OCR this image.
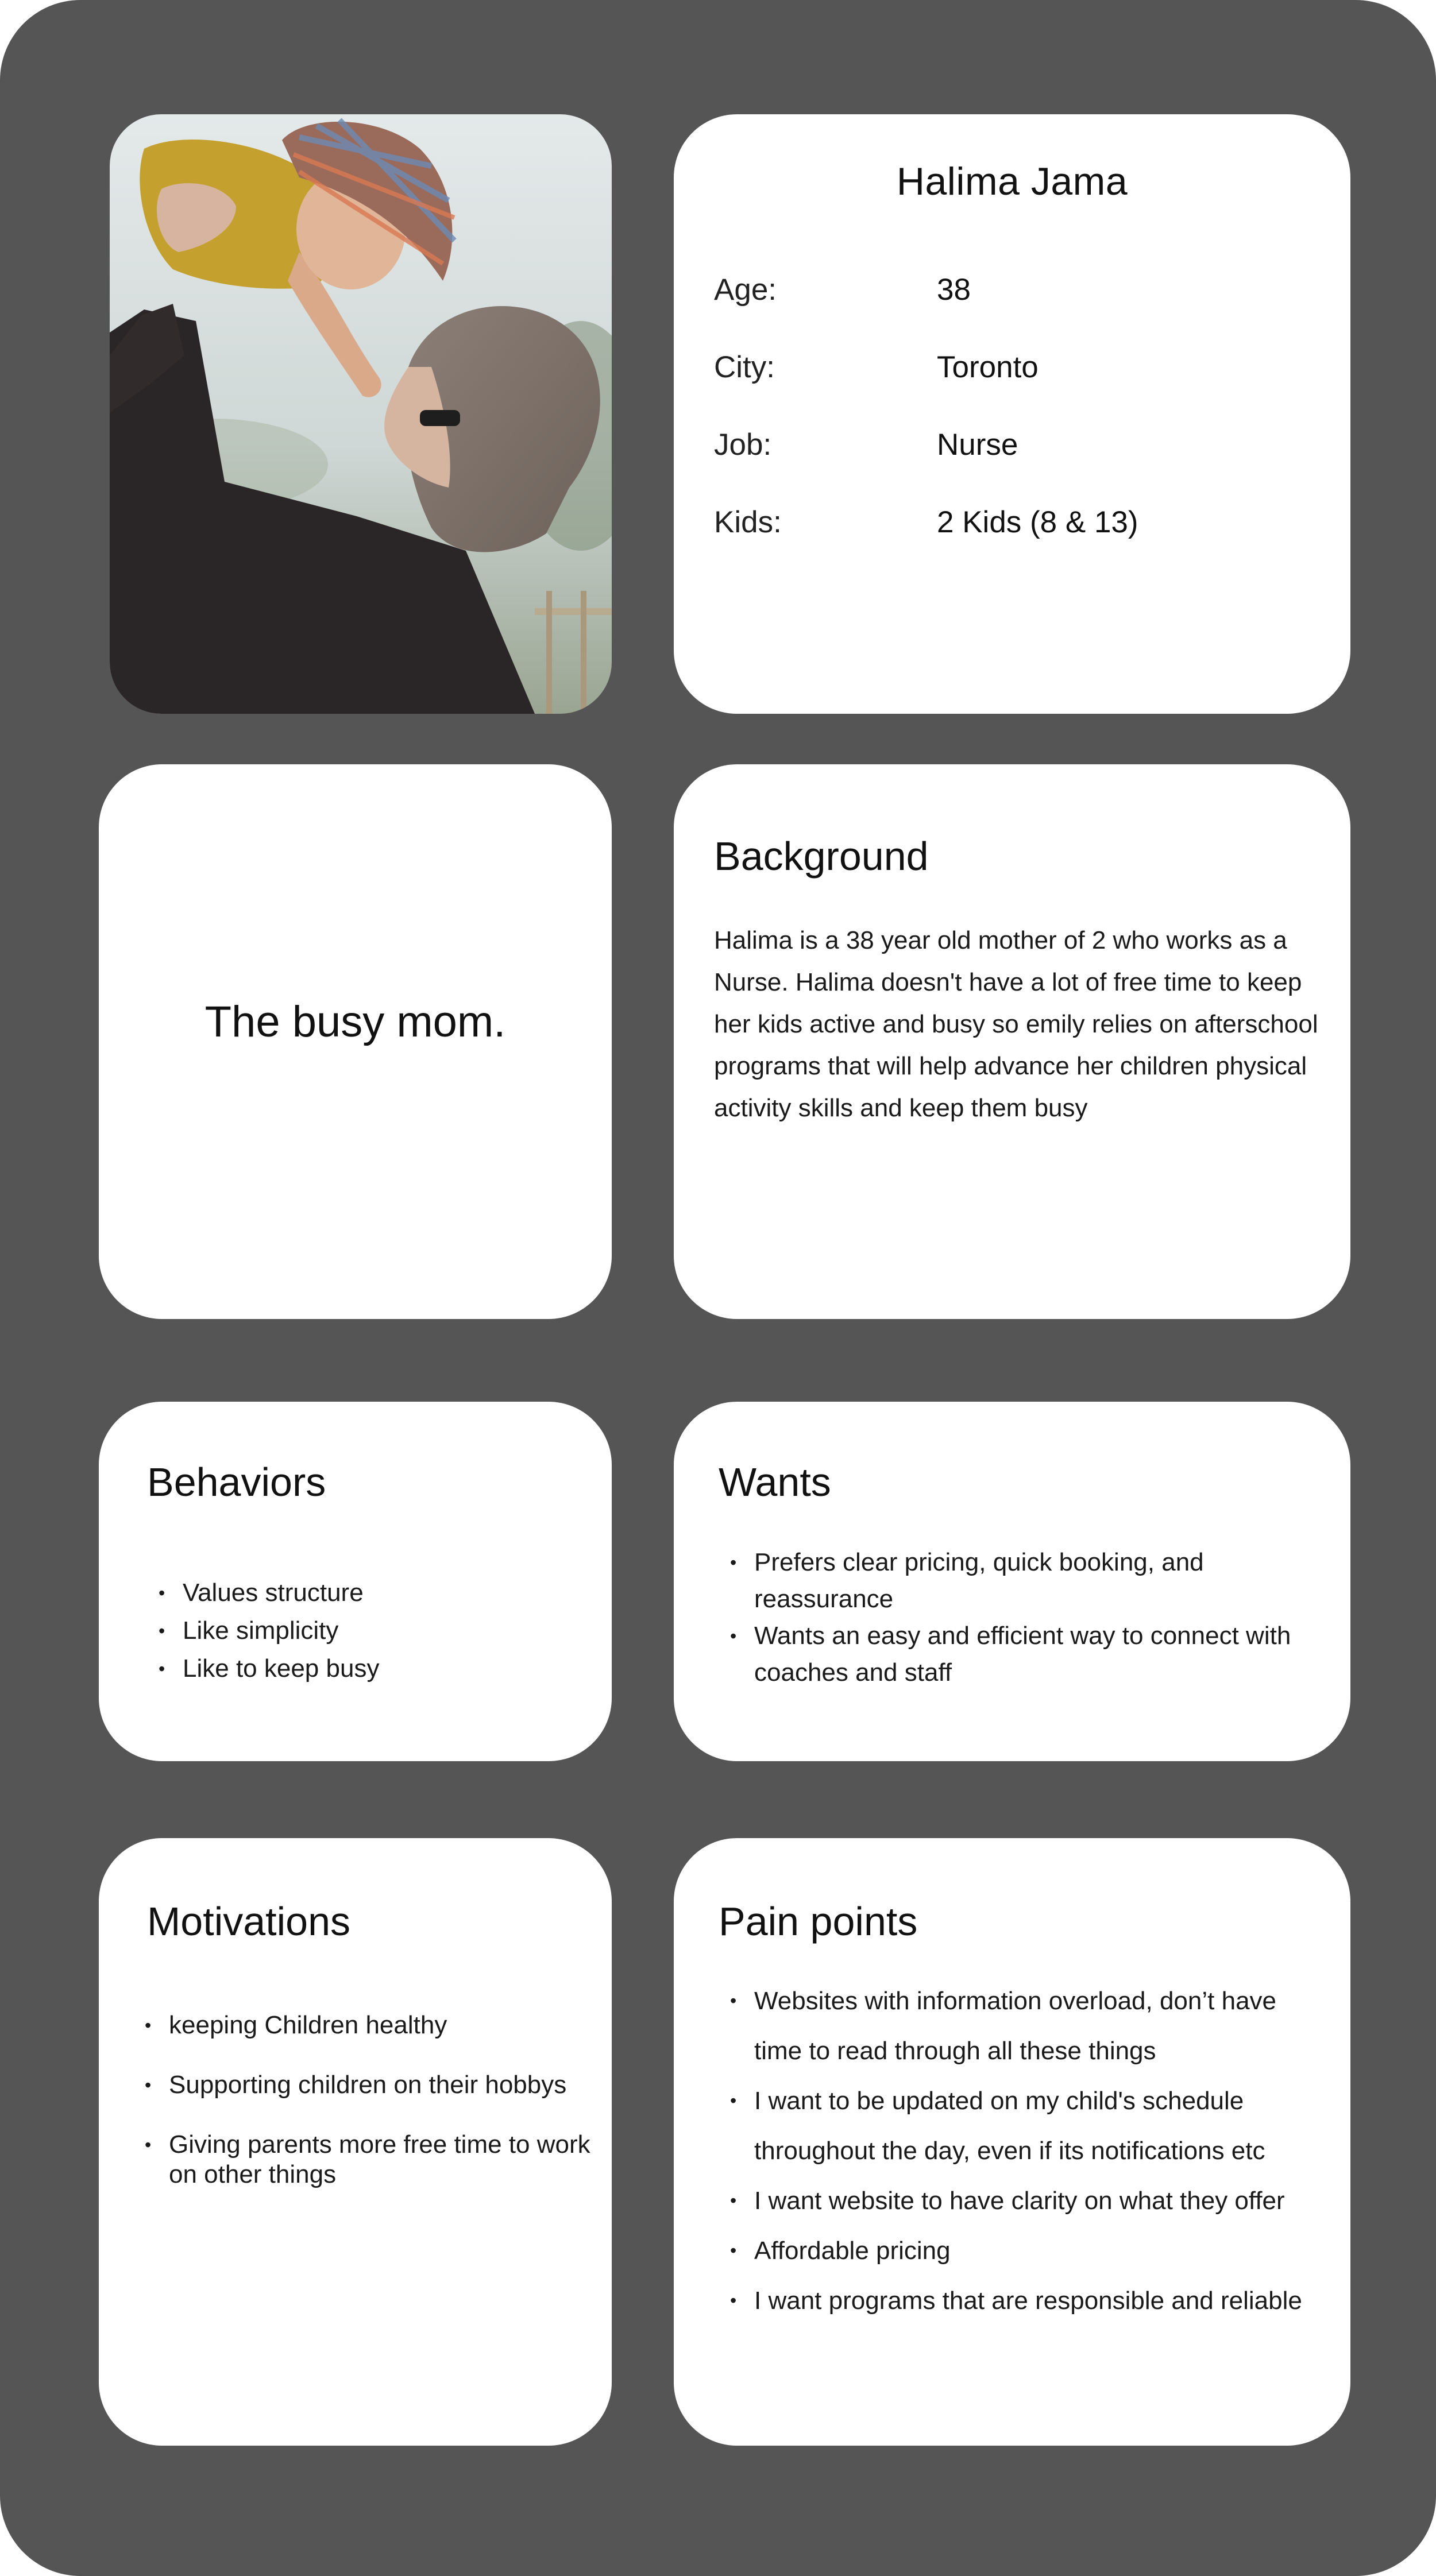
Halima Jama
Age:	38
City:	Toronto
Job:	Nurse
Kids:	2 Kids (8 & 13)
The busy mom.
Background
Halima is a 38 year old mother of 2 who works as a Nurse. Halima doesn't have a lot of free time to keep her kids active and busy so emily relies on afterschool programs that will help advance her children physical activity skills and keep them busy
Behaviors
• Values structure
• Like simplicity
• Like to keep busy
Wants
• Prefers clear pricing, quick booking, and reassurance
• Wants an easy and efficient way to connect with coaches and staff
Motivations
• keeping Children healthy
• Supporting children on their hobbys
• Giving parents more free time to work on other things
Pain points
• Websites with information overload, don’t have time to read through all these things
• I want to be updated on my child's schedule throughout the day, even if its notifications etc
• I want website to have clarity on what they offer
• Affordable pricing
• I want programs that are responsible and reliable
